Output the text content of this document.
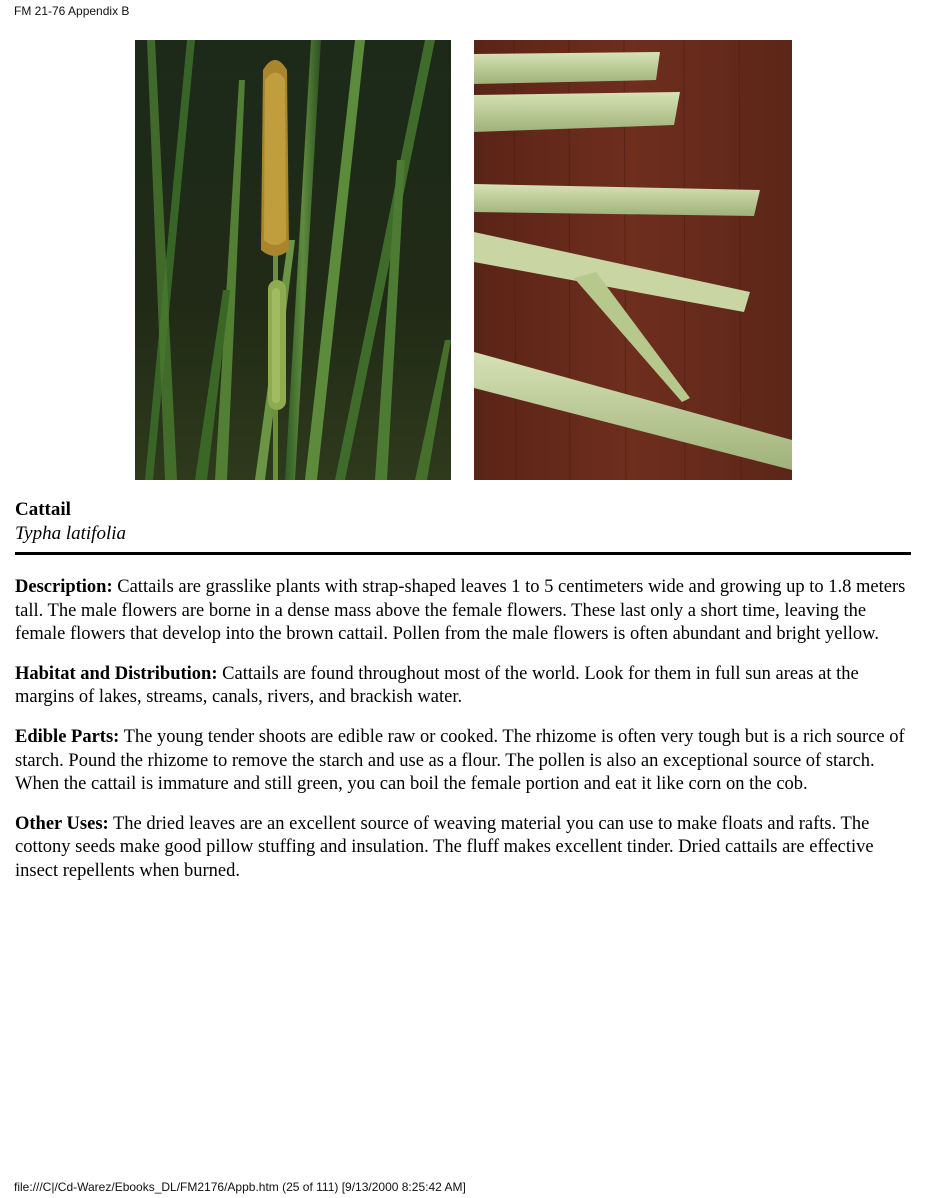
FM 21-76 Appendix B
Cattail
Typha latifolia

Description: Cattails are grasslike plants with strap-shaped leaves 1 to 5 centimeters wide and growing up to 1.8 meters tall. The male flowers are borne in a dense mass above the female flowers. These last only a short time, leaving the female flowers that develop into the brown cattail. Pollen from the male flowers is often abundant and bright yellow.

Habitat and Distribution: Cattails are found throughout most of the world. Look for them in full sun areas at the margins of lakes, streams, canals, rivers, and brackish water.

Edible Parts: The young tender shoots are edible raw or cooked. The rhizome is often very tough but is a rich source of starch. Pound the rhizome to remove the starch and use as a flour. The pollen is also an exceptional source of starch. When the cattail is immature and still green, you can boil the female portion and eat it like corn on the cob.

Other Uses: The dried leaves are an excellent source of weaving material you can use to make floats and rafts. The cottony seeds make good pillow stuffing and insulation. The fluff makes excellent tinder. Dried cattails are effective insect repellents when burned.

file:///C|/Cd-Warez/Ebooks_DL/FM2176/Appb.htm (25 of 111) [9/13/2000 8:25:42 AM]
